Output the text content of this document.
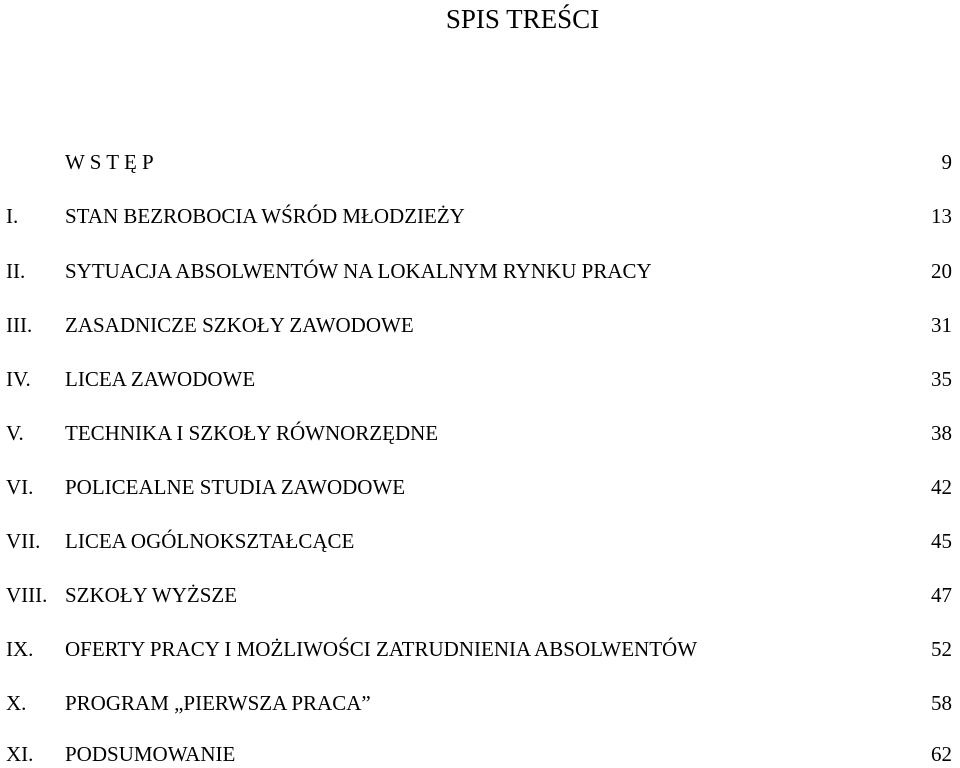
SPIS TREŚCI
W S T Ę P	9
I. STAN BEZROBOCIA WŚRÓD MŁODZIEŻY	13
II. SYTUACJA ABSOLWENTÓW NA LOKALNYM RYNKU PRACY	20
III. ZASADNICZE SZKOŁY ZAWODOWE	31
IV. LICEA ZAWODOWE	35
V. TECHNIKA I SZKOŁY RÓWNORZĘDNE	38
VI. POLICEALNE STUDIA ZAWODOWE	42
VII. LICEA OGÓLNOKSZTAŁCĄCE	45
VIII. SZKOŁY WYŻSZE	47
IX. OFERTY PRACY I MOŻLIWOŚCI ZATRUDNIENIA ABSOLWENTÓW	52
X. PROGRAM „PIERWSZA PRACA”	58
XI. PODSUMOWANIE	62
